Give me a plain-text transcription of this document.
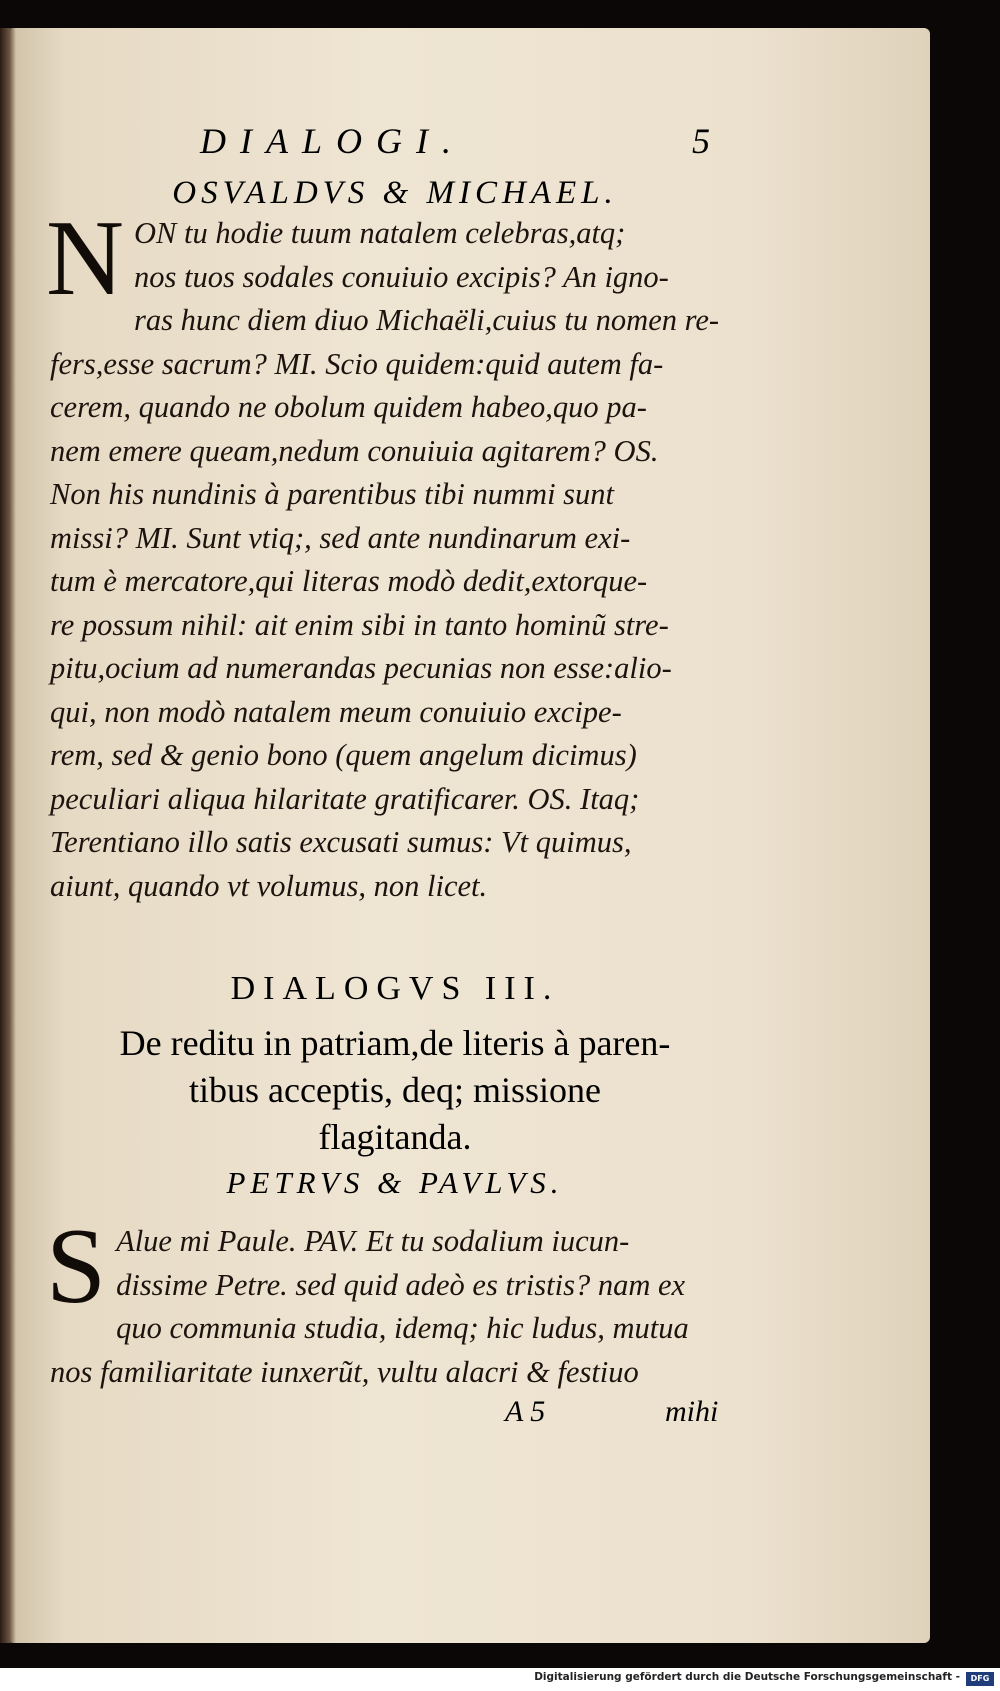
DIALOGI.	5
OSVALDVS & MICHAEL.
N ON tu hodie tuum natalem celebras,atq;
nos tuos sodales conuiuio excipis? An igno-
ras hunc diem diuo Michaëli,cuius tu nomen re-
fers,esse sacrum? MI. Scio quidem:quid autem fa-
cerem, quando ne obolum quidem habeo,quo pa-
nem emere queam,nedum conuiuia agitarem? OS.
Non his nundinis à parentibus tibi nummi sunt
missi? MI. Sunt vtiq;, sed ante nundinarum exi-
tum è mercatore,qui literas modò dedit,extorque-
re possum nihil: ait enim sibi in tanto hominũ stre-
pitu,ocium ad numerandas pecunias non esse:alio-
qui, non modò natalem meum conuiuio excipe-
rem, sed & genio bono (quem angelum dicimus)
peculiari aliqua hilaritate gratificarer. OS. Itaq;
Terentiano illo satis excusati sumus: Vt quimus,
aiunt, quando vt volumus, non licet.
DIALOGVS III.
De reditu in patriam,de literis à paren-
tibus acceptis, deq; missione
flagitanda.
PETRVS & PAVLVS.
S Alue mi Paule. PAV. Et tu sodalium iucun-
dissime Petre. sed quid adeò es tristis? nam ex
quo communia studia, idemq; hic ludus, mutua
nos familiaritate iunxerũt, vultu alacri & festiuo
A 5	mihi
Digitalisierung gefördert durch die Deutsche Forschungsgemeinschaft -	DFG
